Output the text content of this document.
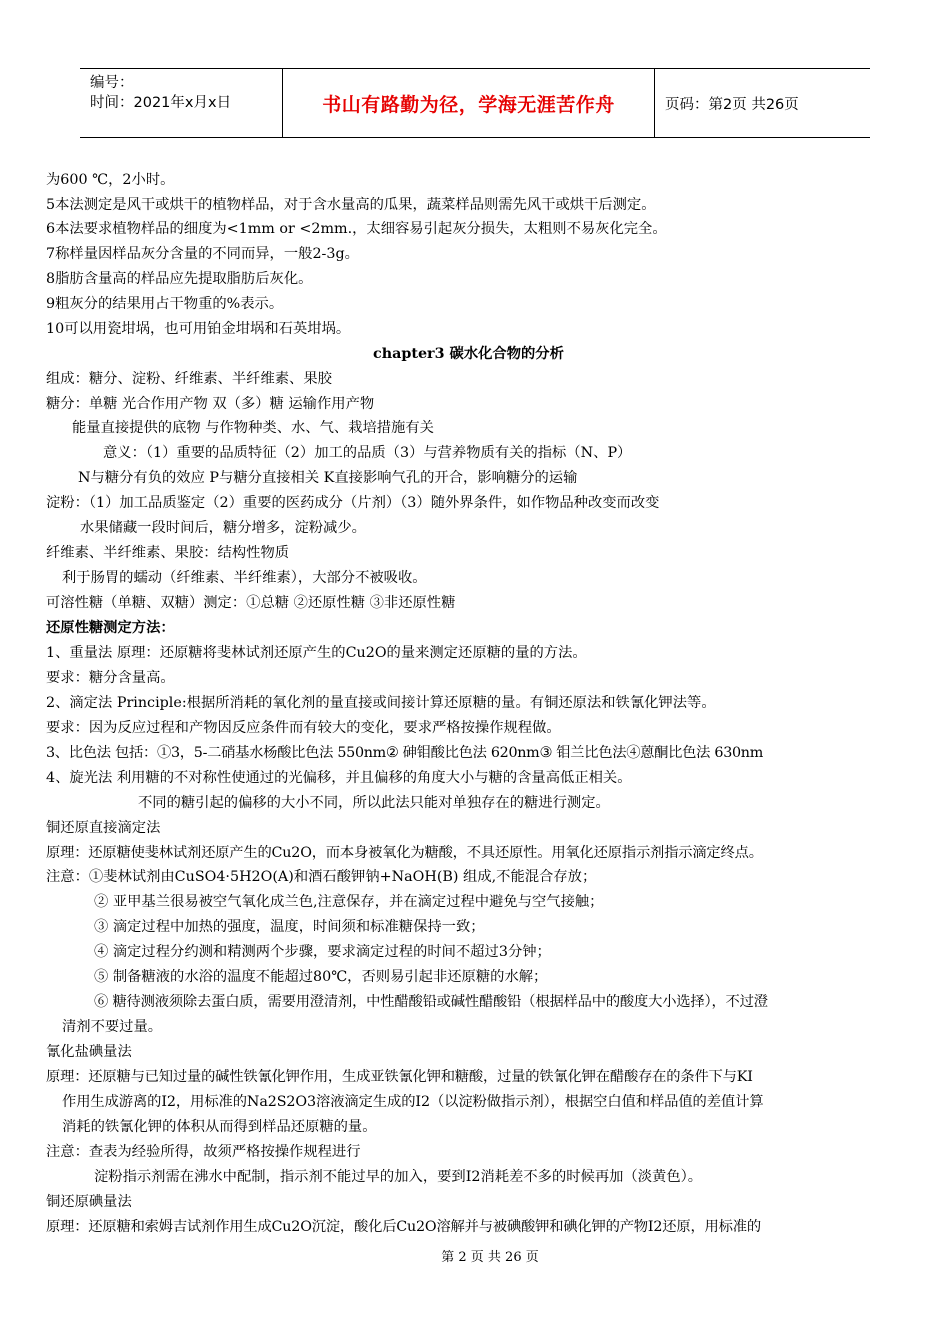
编号：
时间：2021年x月x日	书山有路勤为径，学海无涯苦作舟	页码：第2页 共26页
为600 ℃，2小时。
5本法测定是风干或烘干的植物样品，对于含水量高的瓜果，蔬菜样品则需先风干或烘干后测定。
6本法要求植物样品的细度为<1mm or <2mm.，太细容易引起灰分损失，太粗则不易灰化完全。
7称样量因样品灰分含量的不同而异，一般2-3g。
8脂肪含量高的样品应先提取脂肪后灰化。
9粗灰分的结果用占干物重的%表示。
10可以用瓷坩埚，也可用铂金坩埚和石英坩埚。
chapter3 碳水化合物的分析
组成：糖分、淀粉、纤维素、半纤维素、果胶
糖分：单糖 光合作用产物 双（多）糖 运输作用产物
能量直接提供的底物 与作物种类、水、气、栽培措施有关
意义：（1）重要的品质特征（2）加工的品质（3）与营养物质有关的指标（N、P）
N与糖分有负的效应 P与糖分直接相关 K直接影响气孔的开合，影响糖分的运输
淀粉：（1）加工品质鉴定（2）重要的医药成分（片剂）（3）随外界条件，如作物品种改变而改变
水果储藏一段时间后，糖分增多，淀粉减少。
纤维素、半纤维素、果胶：结构性物质
利于肠胃的蠕动（纤维素、半纤维素），大部分不被吸收。
可溶性糖（单糖、双糖）测定：①总糖 ②还原性糖 ③非还原性糖
还原性糖测定方法：
1、重量法 原理：还原糖将斐林试剂还原产生的Cu2O的量来测定还原糖的量的方法。
要求：糖分含量高。
2、滴定法 Principle:根据所消耗的氧化剂的量直接或间接计算还原糖的量。有铜还原法和铁氰化钾法等。
要求：因为反应过程和产物因反应条件而有较大的变化，要求严格按操作规程做。
3、比色法 包括：①3，5-二硝基水杨酸比色法 550nm② 砷钼酸比色法 620nm③ 钼兰比色法④蒽酮比色法 630nm
4、旋光法 利用糖的不对称性使通过的光偏移，并且偏移的角度大小与糖的含量高低正相关。
不同的糖引起的偏移的大小不同，所以此法只能对单独存在的糖进行测定。
铜还原直接滴定法
原理：还原糖使斐林试剂还原产生的Cu2O，而本身被氧化为糖酸，不具还原性。用氧化还原指示剂指示滴定终点。
注意：①斐林试剂由CuSO4·5H2O(A)和酒石酸钾钠+NaOH(B) 组成,不能混合存放；
② 亚甲基兰很易被空气氧化成兰色,注意保存，并在滴定过程中避免与空气接触；
③ 滴定过程中加热的强度，温度，时间须和标准糖保持一致；
④ 滴定过程分约测和精测两个步骤，要求滴定过程的时间不超过3分钟；
⑤ 制备糖液的水浴的温度不能超过80℃，否则易引起非还原糖的水解；
⑥ 糖待测液须除去蛋白质，需要用澄清剂，中性醋酸铅或碱性醋酸铅（根据样品中的酸度大小选择），不过澄
清剂不要过量。
氰化盐碘量法
原理：还原糖与已知过量的碱性铁氰化钾作用，生成亚铁氰化钾和糖酸，过量的铁氰化钾在醋酸存在的条件下与KI
作用生成游离的I2，用标准的Na2S2O3溶液滴定生成的I2（以淀粉做指示剂），根据空白值和样品值的差值计算
消耗的铁氰化钾的体积从而得到样品还原糖的量。
注意：查表为经验所得，故须严格按操作规程进行
淀粉指示剂需在沸水中配制，指示剂不能过早的加入，要到I2消耗差不多的时候再加（淡黄色）。
铜还原碘量法
原理：还原糖和索姆吉试剂作用生成Cu2O沉淀，酸化后Cu2O溶解并与被碘酸钾和碘化钾的产物I2还原，用标准的
第 2 页 共 26 页
